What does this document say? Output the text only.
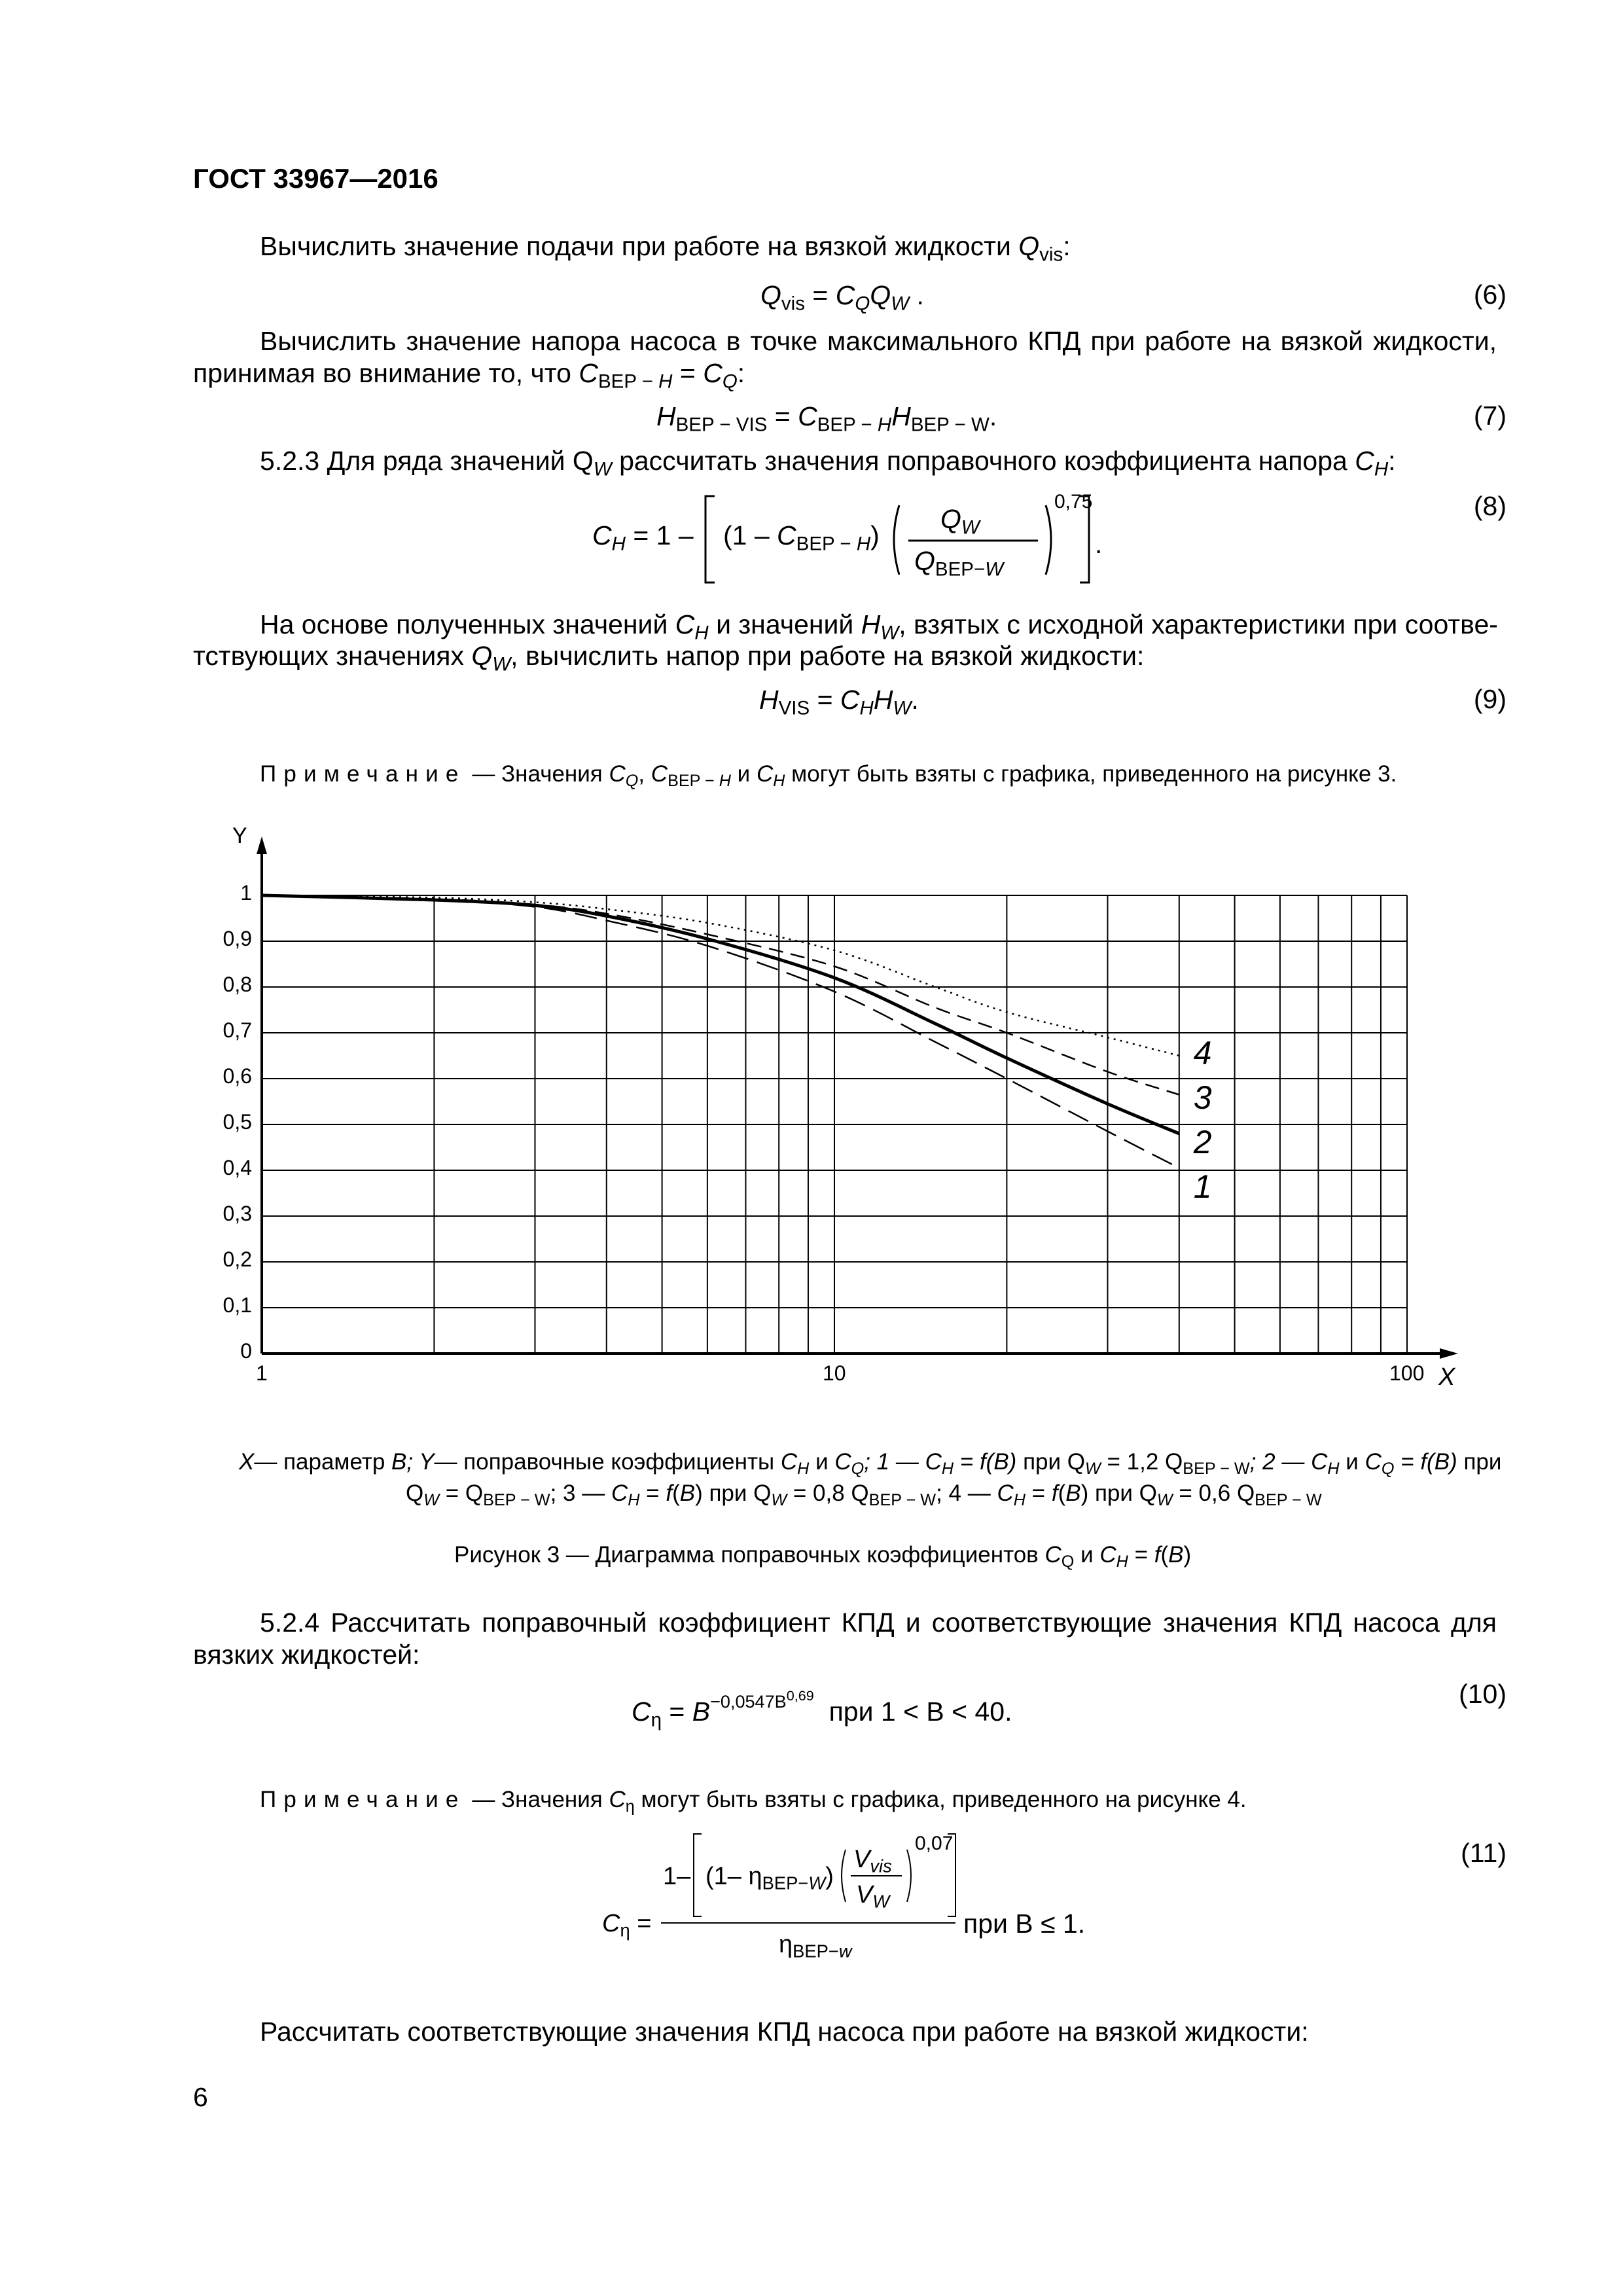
ГОСТ 33967—2016
Вычислить значение подачи при работе на вязкой жидкости $Q_{vis}$:
$Q_{vis} = C_QQ_W$ .	(6)
Вычислить значение напора насоса в точке максимального КПД при работе на вязкой жидкости,
принимая во внимание то, что $C_{BEP - H} = C_Q$:
$H_{BEP - VIS} = C_{BEP - H}H_{BEP - W}$.	(7)
5.2.3 Для ряда значений $Q_W$ рассчитать значения поправочного коэффициента напора $C_H$:
$C_H = 1 - (1 - C_{BEP - H})$
$Q_W$
$Q_{BEP-W}$
0,75
.
(8)
На основе полученных значений $C_H$ и значений $H_W$, взятых с исходной характеристики при соотве-
тствующих значениях $Q_W$, вычислить напор при работе на вязкой жидкости:
$H_{VIS} = C_HH_W$.	(9)
Примечание — Значения $C_Q$, $C_{BEP - H}$ и $C_H$ могут быть взяты с графика, приведенного на рисунке 3.
Y
X
0
0,1
0,2
0,3
0,4
0,5
0,6
0,7
0,8
0,9
1
1	10	100
4
3
2
1
X— параметр B; Y— поправочные коэффициенты $C_H$ и $C_Q$; 1 — $C_H = f(B)$ при $Q_W = 1,2$ $Q_{BEP - W}$; 2 — $C_H$ и $C_Q = f(B)$ при
$Q_W = Q_{BEP - W}$; 3 — $C_H = f(B)$ при $Q_W = 0,8$ $Q_{BEP - W}$; 4 — $C_H = f(B)$ при $Q_W = 0,6$ $Q_{BEP - W}$
Рисунок 3 — Диаграмма поправочных коэффициентов $C_Q$ и $C_H = f(B)$
5.2.4 Рассчитать поправочный коэффициент КПД и соответствующие значения КПД насоса для
вязких жидкостей:
$C_\eta = B^{-0,0547B^{0,69}}$  при 1 < B < 40.
(10)
Примечание — Значения $C_\eta$ могут быть взяты с графика, приведенного на рисунке 4.
1– (1– $\eta_{BEP-W}$)
$V_{vis}$
$V_W$
0,07
$C_\eta$ =
$\eta_{BEP-w}$
при B ≤ 1.
(11)
Рассчитать соответствующие значения КПД насоса при работе на вязкой жидкости:
6
